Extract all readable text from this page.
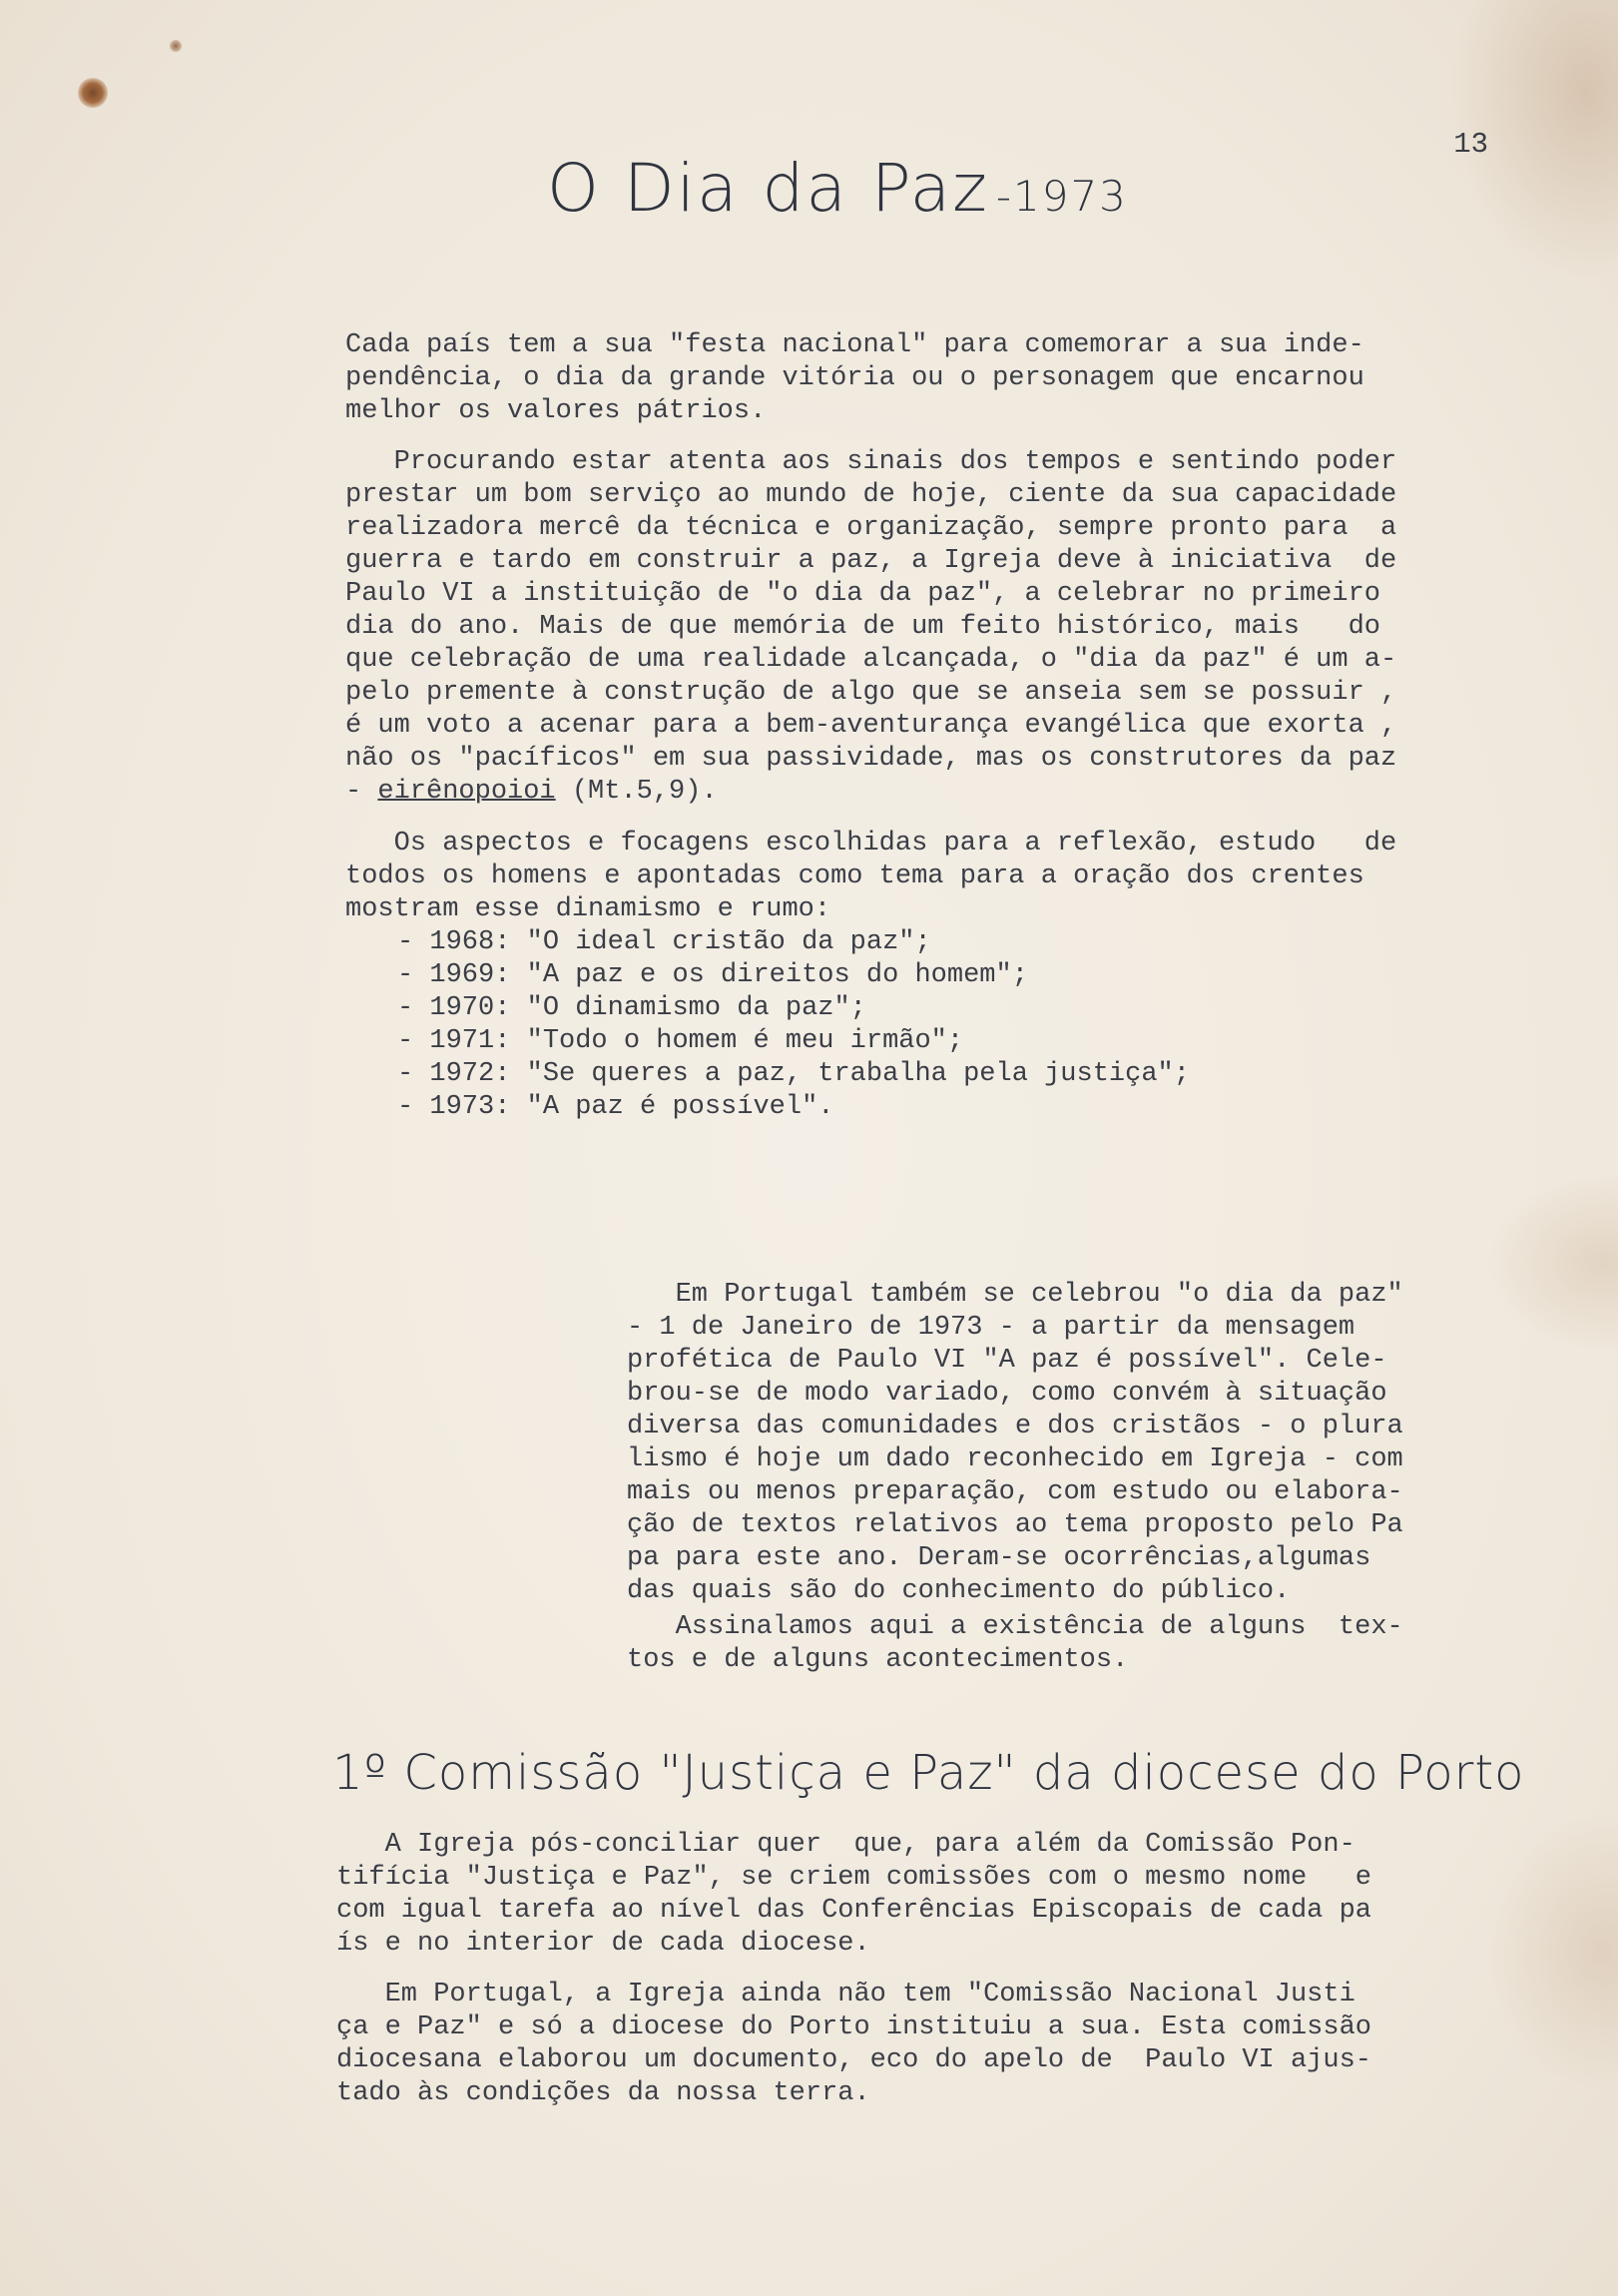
13
O Dia da Paz -1973
Cada país tem a sua "festa nacional" para comemorar a sua inde-
pendência, o dia da grande vitória ou o personagem que encarnou
melhor os valores pátrios.
Procurando estar atenta aos sinais dos tempos e sentindo poder
prestar um bom serviço ao mundo de hoje, ciente da sua capacidade
realizadora mercê da técnica e organização, sempre pronto para  a
guerra e tardo em construir a paz, a Igreja deve à iniciativa  de
Paulo VI a instituição de "o dia da paz", a celebrar no primeiro
dia do ano. Mais de que memória de um feito histórico, mais   do
que celebração de uma realidade alcançada, o "dia da paz" é um a-
pelo premente à construção de algo que se anseia sem se possuir ,
é um voto a acenar para a bem-aventurança evangélica que exorta ,
não os "pacíficos" em sua passividade, mas os construtores da paz
- eirênopoioi (Mt.5,9).
Os aspectos e focagens escolhidas para a reflexão, estudo   de
todos os homens e apontadas como tema para a oração dos crentes
mostram esse dinamismo e rumo:
- 1968: "O ideal cristão da paz";
- 1969: "A paz e os direitos do homem";
- 1970: "O dinamismo da paz";
- 1971: "Todo o homem é meu irmão";
- 1972: "Se queres a paz, trabalha pela justiça";
- 1973: "A paz é possível".
Em Portugal também se celebrou "o dia da paz"
- 1 de Janeiro de 1973 - a partir da mensagem
profética de Paulo VI "A paz é possível". Cele-
brou-se de modo variado, como convém à situação
diversa das comunidades e dos cristãos - o plura
lismo é hoje um dado reconhecido em Igreja - com
mais ou menos preparação, com estudo ou elabora-
ção de textos relativos ao tema proposto pelo Pa
pa para este ano. Deram-se ocorrências,algumas
das quais são do conhecimento do público.
Assinalamos aqui a existência de alguns  tex-
tos e de alguns acontecimentos.
1º Comissão "Justiça e Paz" da diocese do Porto
A Igreja pós-conciliar quer  que, para além da Comissão Pon-
tifícia "Justiça e Paz", se criem comissões com o mesmo nome   e
com igual tarefa ao nível das Conferências Episcopais de cada pa
ís e no interior de cada diocese.
Em Portugal, a Igreja ainda não tem "Comissão Nacional Justi
ça e Paz" e só a diocese do Porto instituiu a sua. Esta comissão
diocesana elaborou um documento, eco do apelo de  Paulo VI ajus-
tado às condições da nossa terra.
